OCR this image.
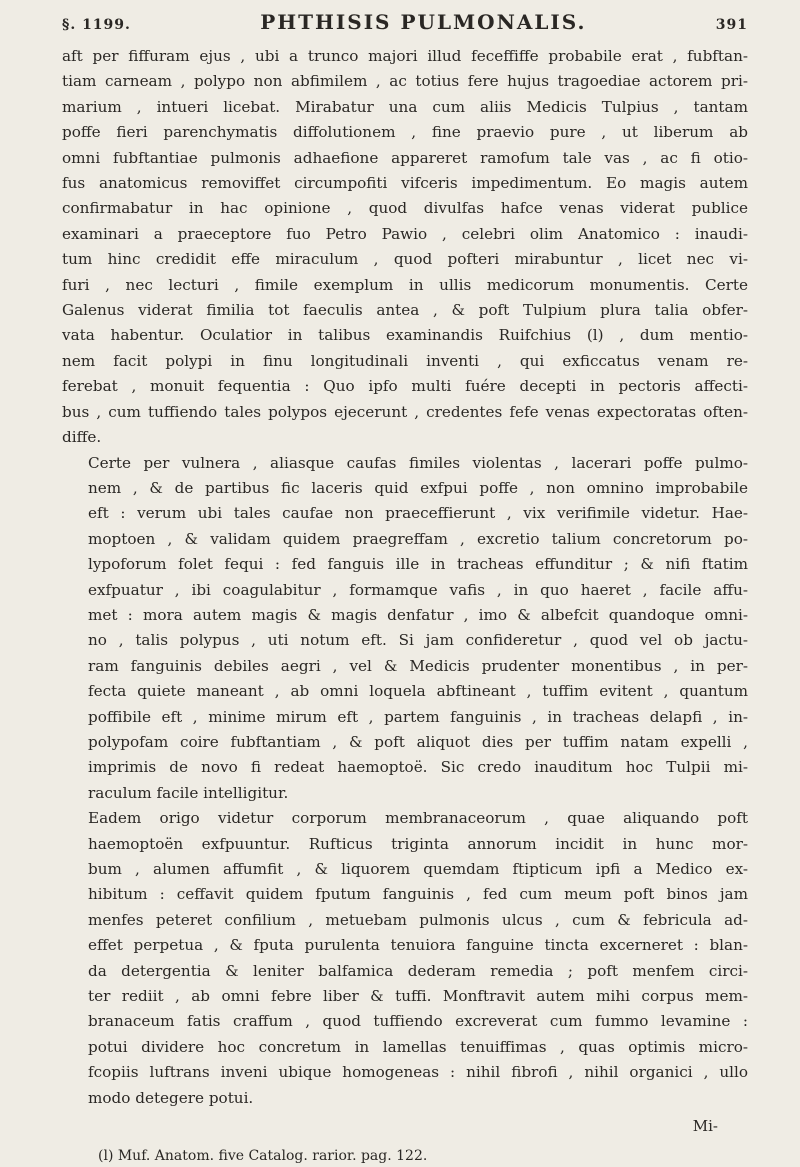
§. 1199.	PHTHISIS PULMONALIS.	391

aft per fiffuram ejus , ubi a trunco majori illud feceffiffe probabile erat , fubftan-
tiam carneam , polypo non abfimilem , ac totius fere hujus tragoediae actorem pri-
marium , intueri licebat. Mirabatur una cum aliis Medicis Tulpius , tantam
poffe fieri parenchymatis diffolutionem , fine praevio pure , ut liberum ab
omni fubftantiae pulmonis adhaefione appareret ramofum tale vas , ac fi otio-
fus anatomicus removiffet circumpofiti vifceris impedimentum. Eo magis autem
confirmabatur in hac opinione , quod divulfas hafce venas viderat publice
examinari a praeceptore fuo Petro Pawio , celebri olim Anatomico : inaudi-
tum hinc credidit effe miraculum , quod pofteri mirabuntur , licet nec vi-
furi , nec lecturi , fimile exemplum in ullis medicorum monumentis. Certe
Galenus viderat fimilia tot faeculis antea , & poft Tulpium plura talia obfer-
vata habentur. Oculatior in talibus examinandis Ruifchius (l) , dum mentio-
nem facit polypi in finu longitudinali inventi , qui exficcatus venam re-
ferebat , monuit fequentia : Quo ipfo multi fuére decepti in pectoris affecti-
bus , cum tuffiendo tales polypos ejecerunt , credentes fefe venas expectoratas often-
diffe.

Certe per vulnera , aliasque caufas fimiles violentas , lacerari poffe pulmo-
nem , & de partibus fic laceris quid exfpui poffe , non omnino improbabile
eft : verum ubi tales caufae non praeceffierunt , vix verifimile videtur. Hae-
moptoen , & validam quidem praegreffam , excretio talium concretorum po-
lypoforum folet fequi : fed fanguis ille in tracheas effunditur ; & nifi ftatim
exfpuatur , ibi coagulabitur , formamque vafis , in quo haeret , facile affu-
met : mora autem magis & magis denfatur , imo & albefcit quandoque omni-
no , talis polypus , uti notum eft. Si jam confideretur , quod vel ob jactu-
ram fanguinis debiles aegri , vel & Medicis prudenter monentibus , in per-
fecta quiete maneant , ab omni loquela abftineant , tuffim evitent , quantum
poffibile eft , minime mirum eft , partem fanguinis , in tracheas delapfi , in-
polypofam coire fubftantiam , & poft aliquot dies per tuffim natam expelli ,
imprimis de novo fi redeat haemoptoë. Sic credo inauditum hoc Tulpii mi-
raculum facile intelligitur.

Eadem origo videtur corporum membranaceorum , quae aliquando poft
haemoptoën exfpuuntur. Rufticus triginta annorum incidit in hunc mor-
bum , alumen affumfit , & liquorem quemdam ftipticum ipfi a Medico ex-
hibitum : ceffavit quidem fputum fanguinis , fed cum meum poft binos jam
menfes peteret confilium , metuebam pulmonis ulcus , cum & febricula ad-
effet perpetua , & fputa purulenta tenuiora fanguine tincta excerneret : blan-
da detergentia & leniter balfamica dederam remedia ; poft menfem circi-
ter rediit , ab omni febre liber & tuffi. Monftravit autem mihi corpus mem-
branaceum fatis craffum , quod tuffiendo excreverat cum fummo levamine :
potui dividere hoc concretum in lamellas tenuiffimas , quas optimis micro-
fcopiis luftrans inveni ubique homogeneas : nihil fibrofi , nihil organici , ullo
modo detegere potui.

Mi-
(l) Muf. Anatom. five Catalog. rarior. pag. 122.
